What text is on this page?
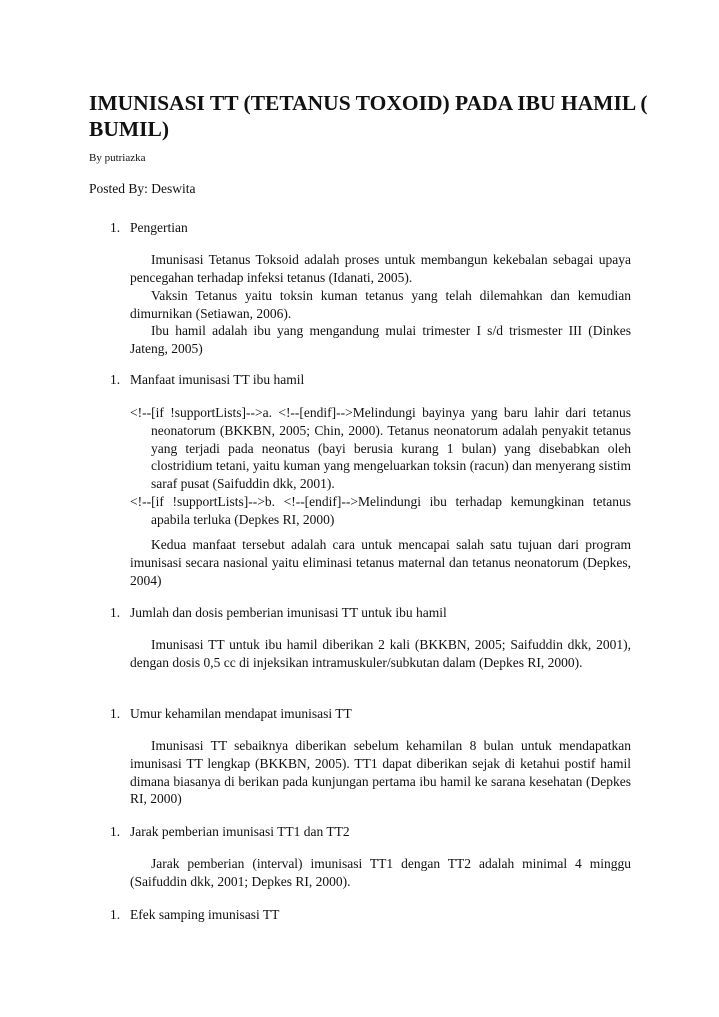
IMUNISASI TT (TETANUS TOXOID) PADA IBU HAMIL ( BUMIL)
By putriazka
Posted By: Deswita
1. Pengertian

Imunisasi Tetanus Toksoid adalah proses untuk membangun kekebalan sebagai upaya pencegahan terhadap infeksi tetanus (Idanati, 2005).

Vaksin Tetanus yaitu toksin kuman tetanus yang telah dilemahkan dan kemudian dimurnikan (Setiawan, 2006).

Ibu hamil adalah ibu yang mengandung mulai trimester I s/d trismester III (Dinkes Jateng, 2005)

1. Manfaat imunisasi TT ibu hamil

<!--[if !supportLists]-->a. <!--[endif]-->Melindungi bayinya yang baru lahir dari tetanus neonatorum (BKKBN, 2005; Chin, 2000). Tetanus neonatorum adalah penyakit tetanus yang terjadi pada neonatus (bayi berusia kurang 1 bulan) yang disebabkan oleh clostridium tetani, yaitu kuman yang mengeluarkan toksin (racun) dan menyerang sistim saraf pusat (Saifuddin dkk, 2001).

<!--[if !supportLists]-->b. <!--[endif]-->Melindungi ibu terhadap kemungkinan tetanus apabila terluka (Depkes RI, 2000)

Kedua manfaat tersebut adalah cara untuk mencapai salah satu tujuan dari program imunisasi secara nasional yaitu eliminasi tetanus maternal dan tetanus neonatorum (Depkes, 2004)

1. Jumlah dan dosis pemberian imunisasi TT untuk ibu hamil

Imunisasi TT untuk ibu hamil diberikan 2 kali (BKKBN, 2005; Saifuddin dkk, 2001), dengan dosis 0,5 cc di injeksikan intramuskuler/subkutan dalam (Depkes RI, 2000).

1. Umur kehamilan mendapat imunisasi TT

Imunisasi TT sebaiknya diberikan sebelum kehamilan 8 bulan untuk mendapatkan imunisasi TT lengkap (BKKBN, 2005). TT1 dapat diberikan sejak di ketahui postif hamil dimana biasanya di berikan pada kunjungan pertama ibu hamil ke sarana kesehatan (Depkes RI, 2000)

1. Jarak pemberian imunisasi TT1 dan TT2

Jarak pemberian (interval) imunisasi TT1 dengan TT2 adalah minimal 4 minggu (Saifuddin dkk, 2001; Depkes RI, 2000).

1. Efek samping imunisasi TT
